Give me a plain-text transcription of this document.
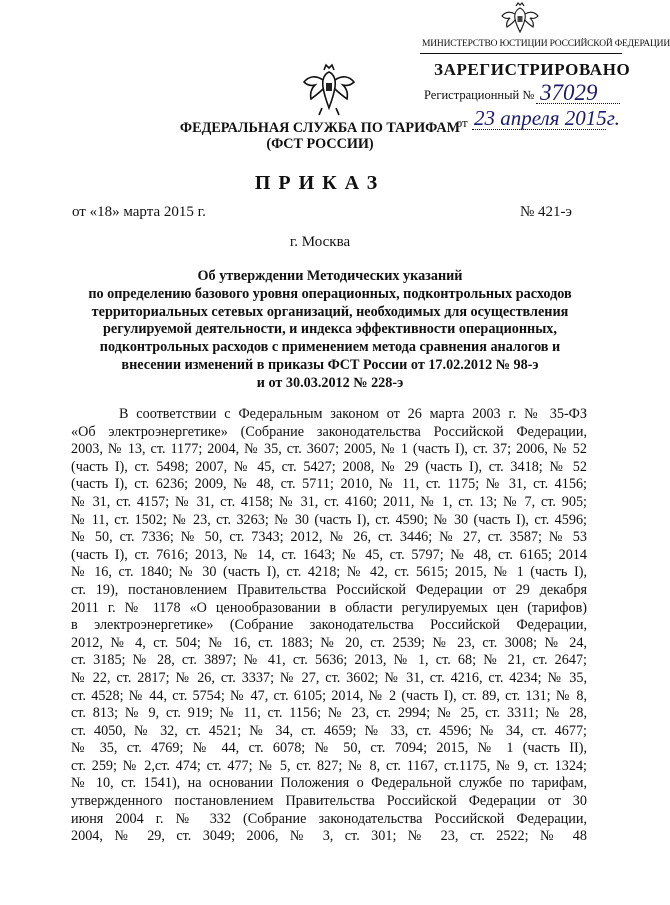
МИНИСТЕРСТВО ЮСТИЦИИ РОССИЙСКОЙ ФЕДЕРАЦИИ
ЗАРЕГИСТРИРОВАНО
Регистрационный № 37029
от 23 апреля 2015г.
ФЕДЕРАЛЬНАЯ СЛУЖБА ПО ТАРИФАМ
(ФСТ РОССИИ)
ПРИКАЗ
от «18» марта 2015 г.	№ 421-э
г. Москва
Об утверждении Методических указаний
по определению базового уровня операционных, подконтрольных расходов
территориальных сетевых организаций, необходимых для осуществления
регулируемой деятельности, и индекса эффективности операционных,
подконтрольных расходов с применением метода сравнения аналогов и
внесении изменений в приказы ФСТ России от 17.02.2012 № 98-э
и от 30.03.2012 № 228-э
В соответствии с Федеральным законом от 26 марта 2003 г. № 35-ФЗ
«Об электроэнергетике» (Собрание законодательства Российской Федерации,
2003, № 13, ст. 1177; 2004, № 35, ст. 3607; 2005, № 1 (часть I), ст. 37; 2006, № 52
(часть I), ст. 5498; 2007, № 45, ст. 5427; 2008, № 29 (часть I), ст. 3418; № 52
(часть I), ст. 6236; 2009, № 48, ст. 5711; 2010, № 11, ст. 1175; № 31, ст. 4156;
№ 31, ст. 4157; № 31, ст. 4158; № 31, ст. 4160; 2011, № 1, ст. 13; № 7, ст. 905;
№ 11, ст. 1502; № 23, ст. 3263; № 30 (часть I), ст. 4590; № 30 (часть I), ст. 4596;
№ 50, ст. 7336; № 50, ст. 7343; 2012, № 26, ст. 3446; № 27, ст. 3587; № 53
(часть I), ст. 7616; 2013, № 14, ст. 1643; № 45, ст. 5797; № 48, ст. 6165; 2014
№ 16, ст. 1840; № 30 (часть I), ст. 4218; № 42, ст. 5615; 2015, № 1 (часть I),
ст. 19), постановлением Правительства Российской Федерации от 29 декабря
2011 г. № 1178 «О ценообразовании в области регулируемых цен (тарифов)
в электроэнергетике» (Собрание законодательства Российской Федерации,
2012, № 4, ст. 504; № 16, ст. 1883; № 20, ст. 2539; № 23, ст. 3008; № 24,
ст. 3185; № 28, ст. 3897; № 41, ст. 5636; 2013, № 1, ст. 68; № 21, ст. 2647;
№ 22, ст. 2817; № 26, ст. 3337; № 27, ст. 3602; № 31, ст. 4216, ст. 4234; № 35,
ст. 4528; № 44, ст. 5754; № 47, ст. 6105; 2014, № 2 (часть I), ст. 89, ст. 131; № 8,
ст. 813; № 9, ст. 919; № 11, ст. 1156; № 23, ст. 2994; № 25, ст. 3311; № 28,
ст. 4050, № 32, ст. 4521; № 34, ст. 4659; № 33, ст. 4596; № 34, ст. 4677;
№ 35, ст. 4769; № 44, ст. 6078; № 50, ст. 7094; 2015, № 1 (часть II),
ст. 259; № 2,ст. 474; ст. 477; № 5, ст. 827; № 8, ст. 1167, ст.1175, № 9, ст. 1324;
№ 10, ст. 1541), на основании Положения о Федеральной службе по тарифам,
утвержденного постановлением Правительства Российской Федерации от 30
июня 2004 г. № 332 (Собрание законодательства Российской Федерации,
2004, № 29, ст. 3049; 2006, № 3, ст. 301; № 23, ст. 2522; № 48
